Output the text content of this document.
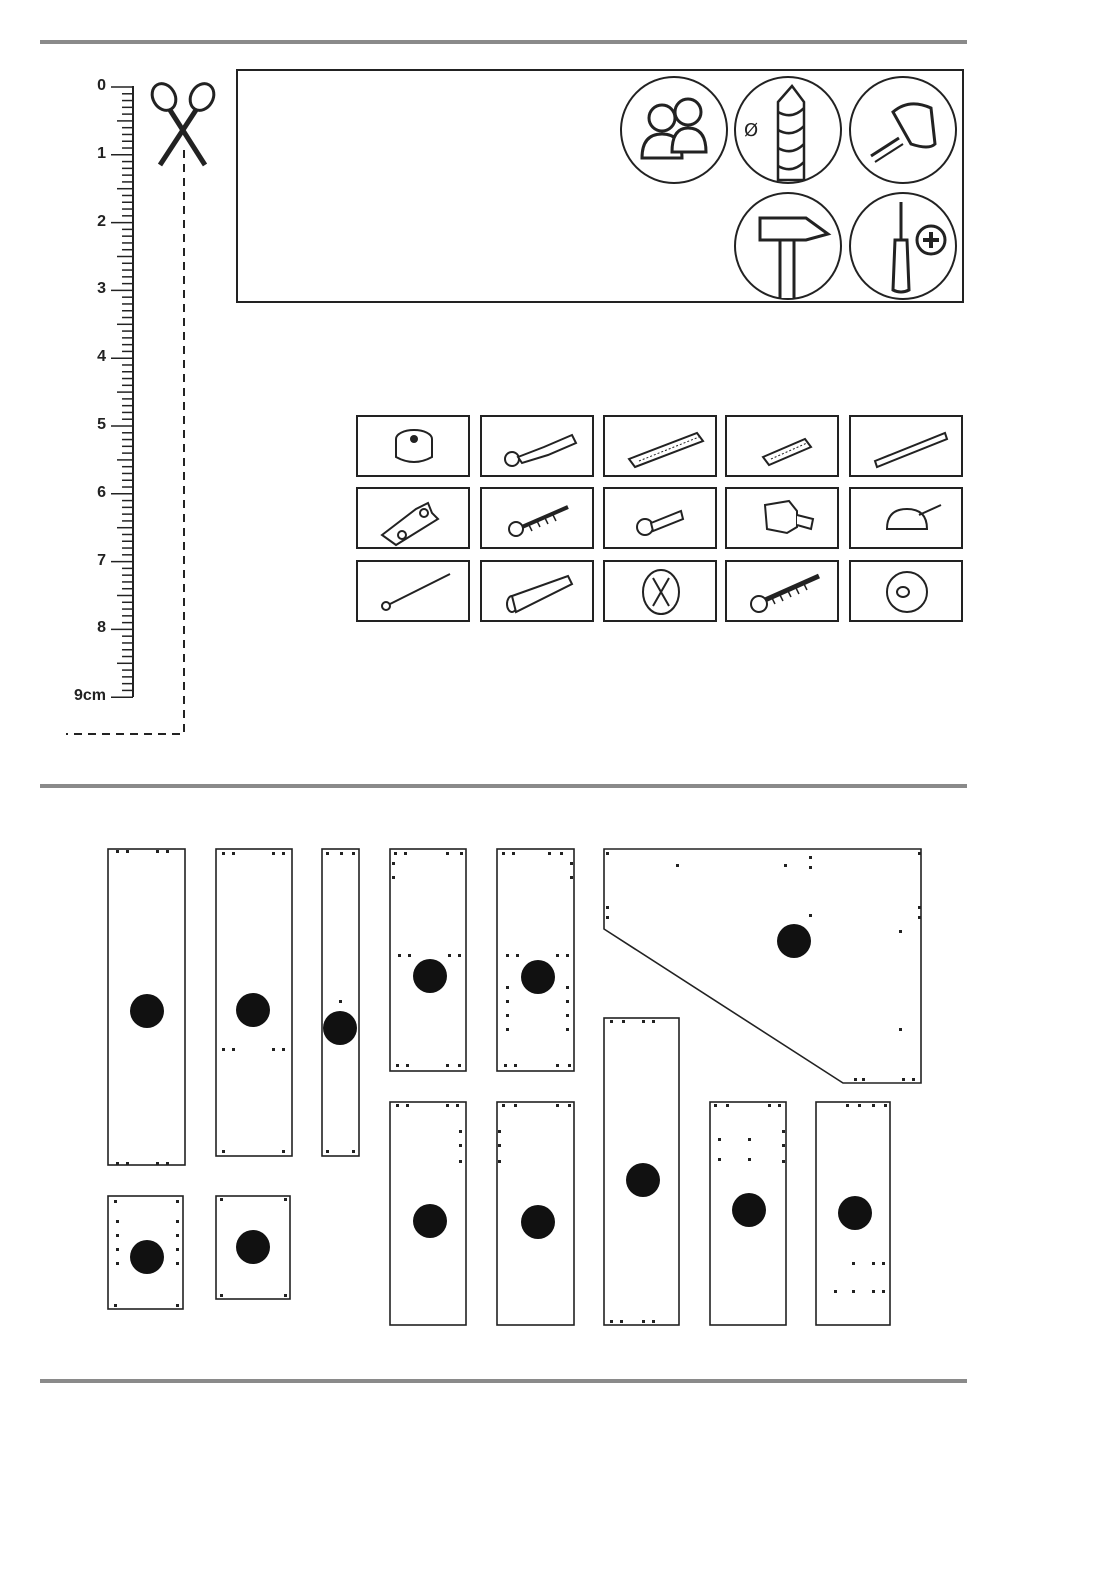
0
1
2
3
4
5
6
7
8
9cm
Ø
